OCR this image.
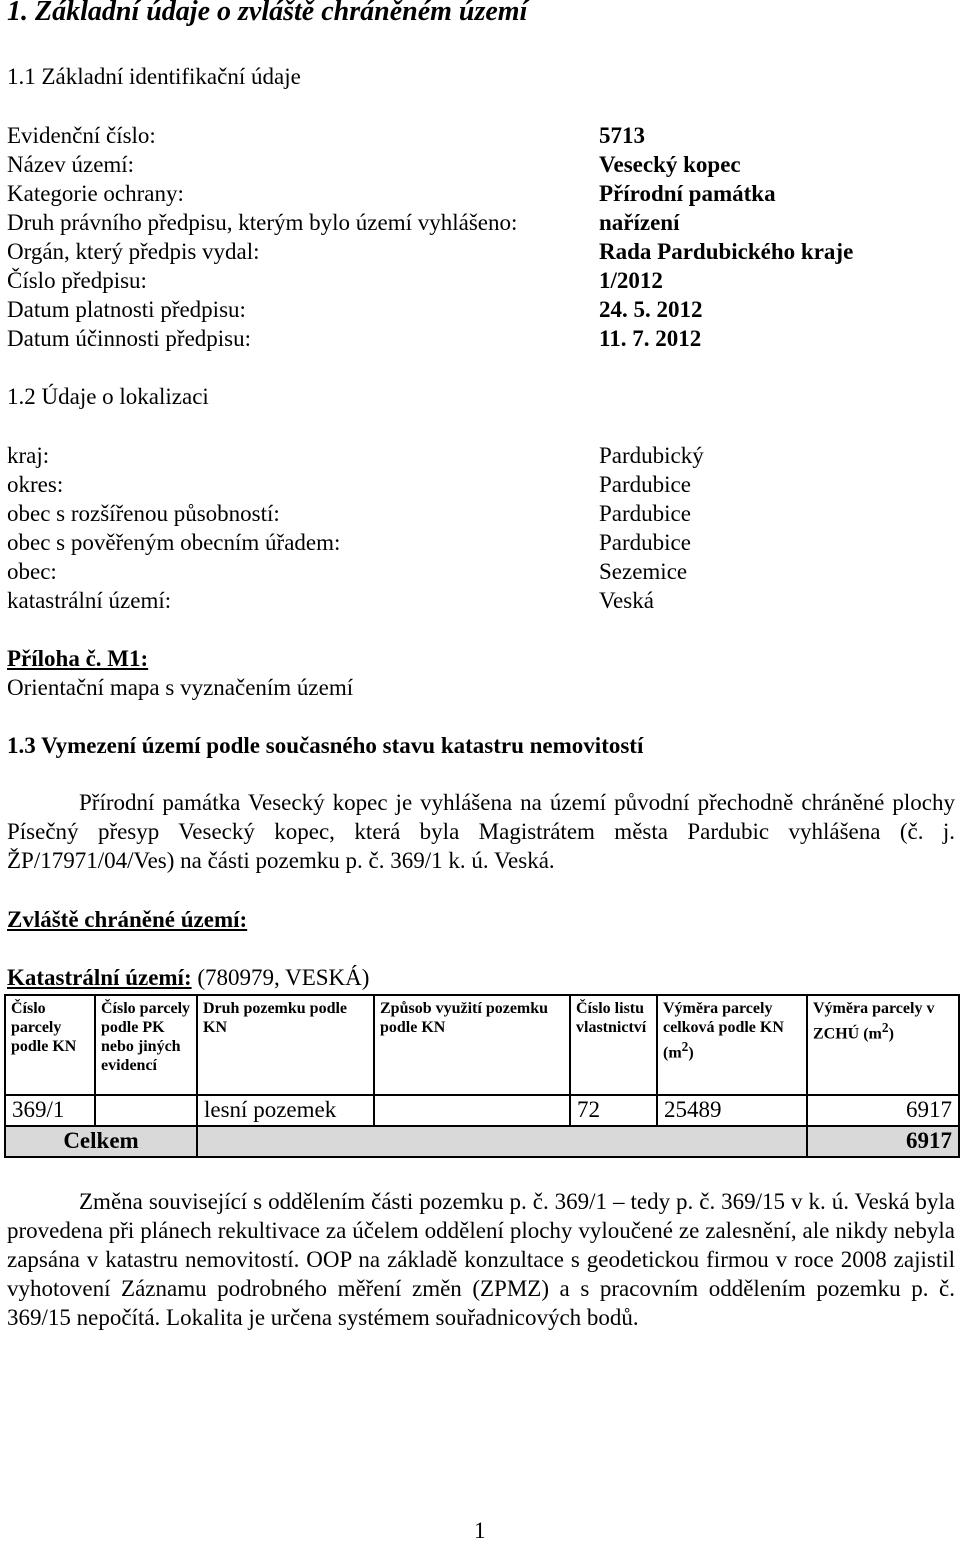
1. Základní údaje o zvláště chráněném území
1.1 Základní identifikační údaje
Evidenční číslo:	5713
Název území:	Vesecký kopec
Kategorie ochrany:	Přírodní památka
Druh právního předpisu, kterým bylo území vyhlášeno:	nařízení
Orgán, který předpis vydal:	Rada Pardubického kraje
Číslo předpisu:	1/2012
Datum platnosti předpisu:	24. 5. 2012
Datum účinnosti předpisu:	11. 7. 2012
1.2 Údaje o lokalizaci
kraj:	Pardubický
okres:	Pardubice
obec s rozšířenou působností:	Pardubice
obec s pověřeným obecním úřadem:	Pardubice
obec:	Sezemice
katastrální území:	Veská
Příloha č. M1:
Orientační mapa s vyznačením území
1.3 Vymezení území podle současného stavu katastru nemovitostí

Přírodní památka Vesecký kopec je vyhlášena na území původní přechodně chráněné plochy Písečný přesyp Vesecký kopec, která byla Magistrátem města Pardubic vyhlášena (č. j. ŽP/17971/04/Ves) na části pozemku p. č. 369/1 k. ú. Veská.

Zvláště chráněné území:
Katastrální území: (780979, VESKÁ)
Číslo parcely podle KN	Číslo parcely podle PK nebo jiných evidencí	Druh pozemku podle KN	Způsob využití pozemku podle KN	Číslo listu vlastnictví	Výměra parcely celková podle KN $(m^2)$	Výměra parcely v ZCHÚ $(m^2)$
369/1		lesní pozemek		72	25489	6917
Celkem						6917

Změna související s oddělením části pozemku p. č. 369/1 – tedy p. č. 369/15 v k. ú. Veská byla provedena při plánech rekultivace za účelem oddělení plochy vyloučené ze zalesnění, ale nikdy nebyla zapsána v katastru nemovitostí. OOP na základě konzultace s geodetickou firmou v roce 2008 zajistil vyhotovení Záznamu podrobného měření změn (ZPMZ) a s pracovním oddělením pozemku p. č. 369/15 nepočítá. Lokalita je určena systémem souřadnicových bodů.

1
